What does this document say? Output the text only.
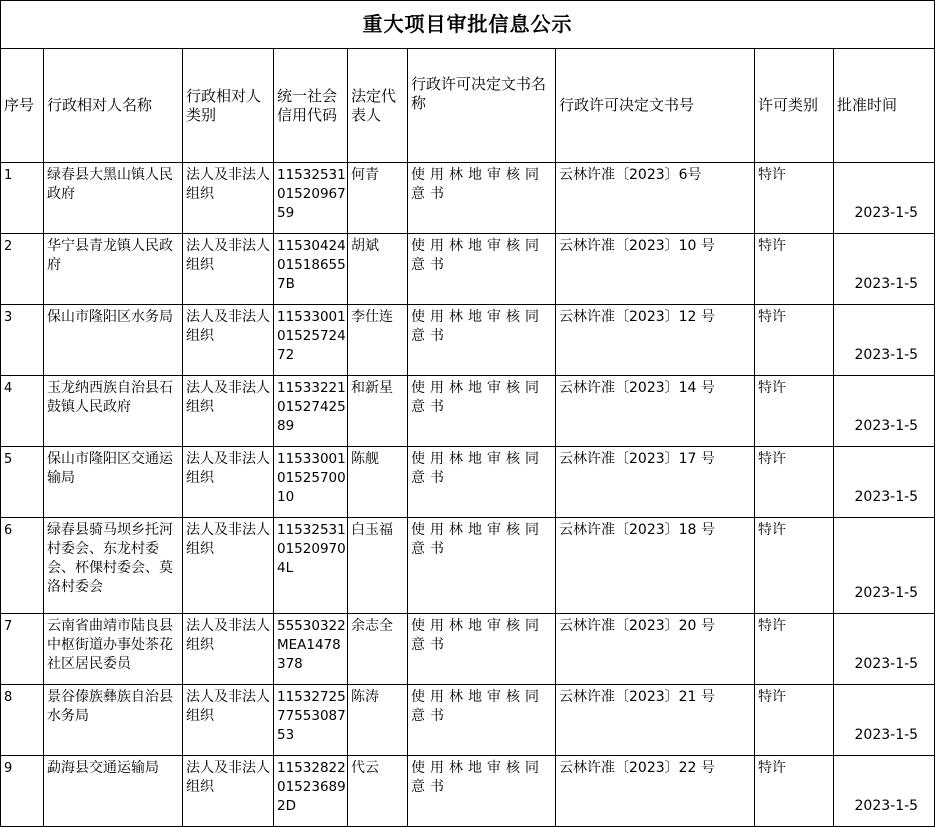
重大项目审批信息公示								
序号	行政相对人名称	行政相对人类别	统一社会信用代码	法定代表人	行政许可决定文书名称	行政许可决定文书号	许可类别	批准时间
1	绿春县大黑山镇人民政府	法人及非法人组织	115325310152096759	何青	使用林地审核同意书	云林许准〔2023〕6号	特许	2023-1-5
2	华宁县青龙镇人民政府	法人及非法人组织	11530424015186557B	胡斌	使用林地审核同意书	云林许准〔2023〕10 号	特许	2023-1-5
3	保山市隆阳区水务局	法人及非法人组织	115330010152572472	李仕连	使用林地审核同意书	云林许准〔2023〕12 号	特许	2023-1-5
4	玉龙纳西族自治县石鼓镇人民政府	法人及非法人组织	115332210152742589	和新星	使用林地审核同意书	云林许准〔2023〕14 号	特许	2023-1-5
5	保山市隆阳区交通运输局	法人及非法人组织	115330010152570010	陈舰	使用林地审核同意书	云林许准〔2023〕17 号	特许	2023-1-5
6	绿春县骑马坝乡托河村委会、东龙村委会、杯倮村委会、莫洛村委会	法人及非法人组织	11532531015209704L	白玉福	使用林地审核同意书	云林许准〔2023〕18 号	特许	2023-1-5
7	云南省曲靖市陆良县中枢街道办事处茶花社区居民委员	法人及非法人组织	55530322MEA1478378	余志全	使用林地审核同意书	云林许准〔2023〕20 号	特许	2023-1-5
8	景谷傣族彝族自治县水务局	法人及非法人组织	115327257755308753	陈涛	使用林地审核同意书	云林许准〔2023〕21 号	特许	2023-1-5
9	勐海县交通运输局	法人及非法人组织	11532822015236892D	代云	使用林地审核同意书	云林许准〔2023〕22 号	特许	2023-1-5
